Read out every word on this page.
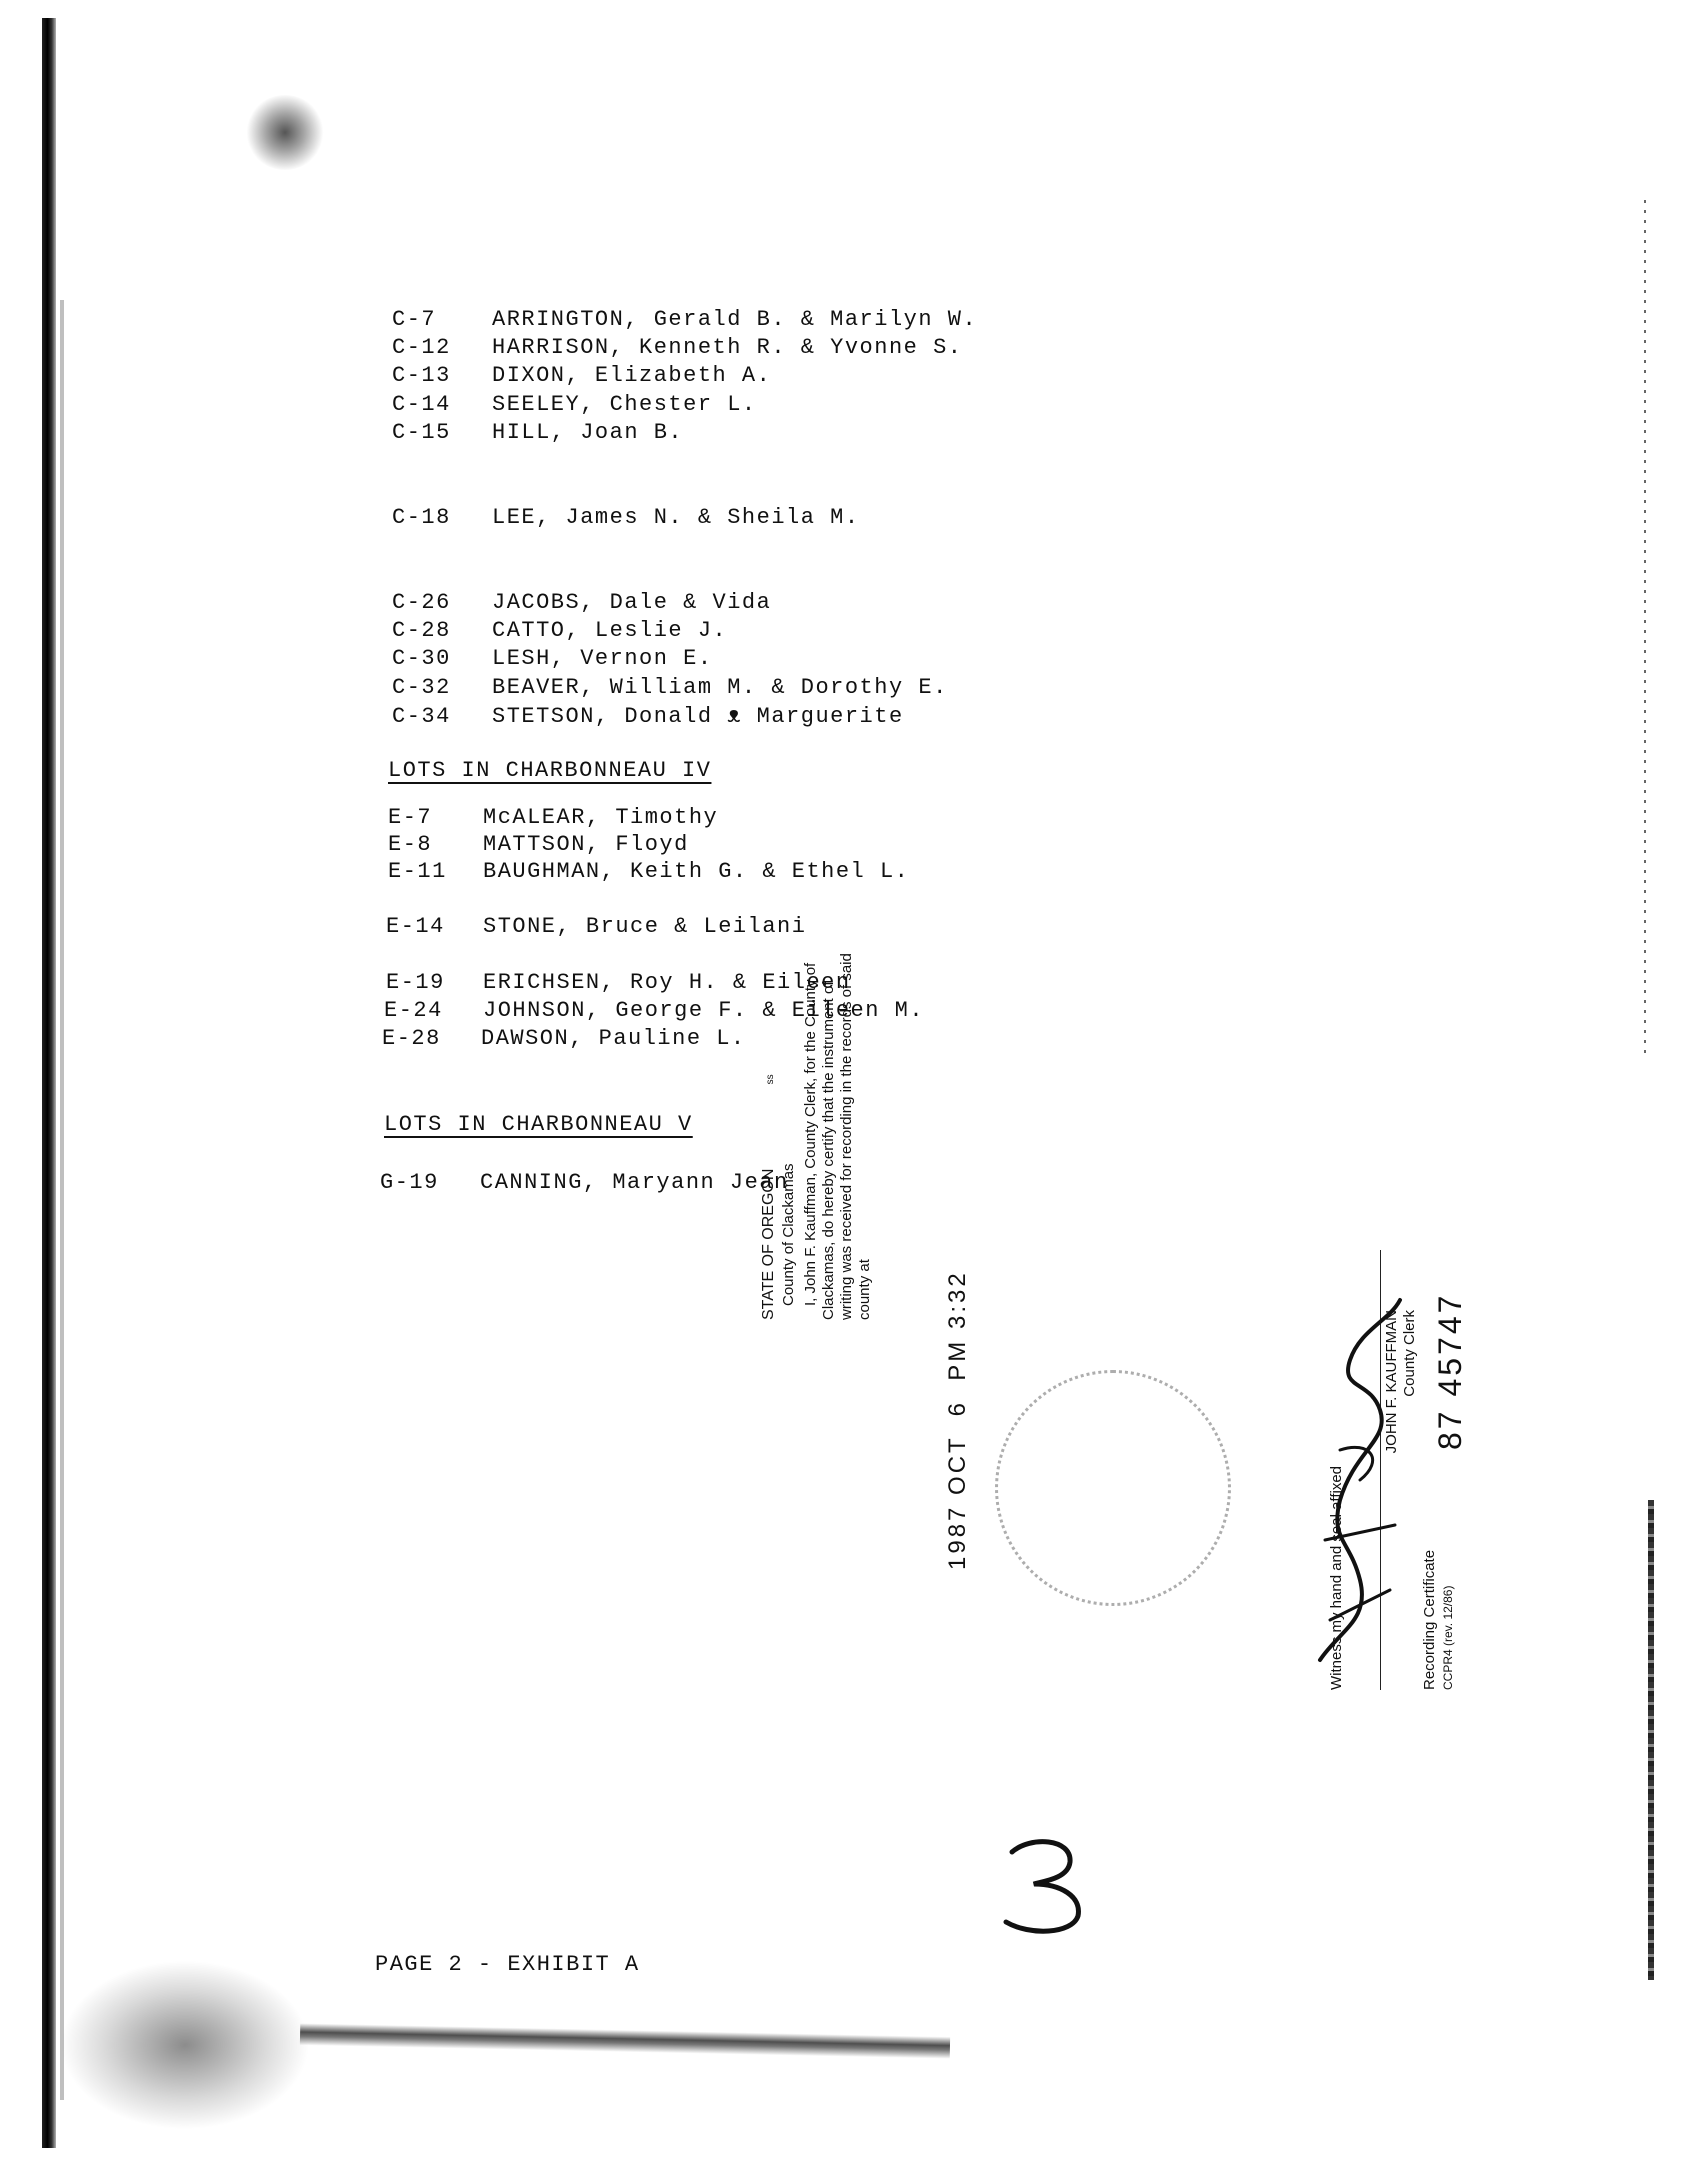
C-7	ARRINGTON, Gerald B. & Marilyn W.
C-12 HARRISON, Kenneth R. & Yvonne S.
C-13 DIXON, Elizabeth A.
C-14 SEELEY, Chester L.
C-15 HILL, Joan B.
C-18 LEE, James N. & Sheila M.
C-26 JACOBS, Dale & Vida
C-28 CATTO, Leslie J.
C-30 LESH, Vernon E.
C-32 BEAVER, William M. & Dorothy E.
C-34 STETSON, Donald ᴥ Marguerite
LOTS IN CHARBONNEAU IV
E-7 McALEAR, Timothy
E-8 MATTSON, Floyd
E-11 BAUGHMAN, Keith G. & Ethel L.
E-14 STONE, Bruce & Leilani
E-19 ERICHSEN, Roy H. & Eileen
E-24 JOHNSON, George F. & Eileen M.
E-28 DAWSON, Pauline L.
LOTS IN CHARBONNEAU V
G-19 CANNING, Maryann Jean
STATE OF OREGON ss
County of Clackamas I, John F. Kauffman, County Clerk, for the County of Clackamas, do hereby certify that the instrument of writing was received for recording in the records of said county at	1987 OCT  6  PM 3:32
Witness my hand and seal affixed
JOHN F. KAUFFMAN County Clerk
Recording Certificate CCPR4 (rev. 12/86)
87 45747
PAGE 2 - EXHIBIT A
